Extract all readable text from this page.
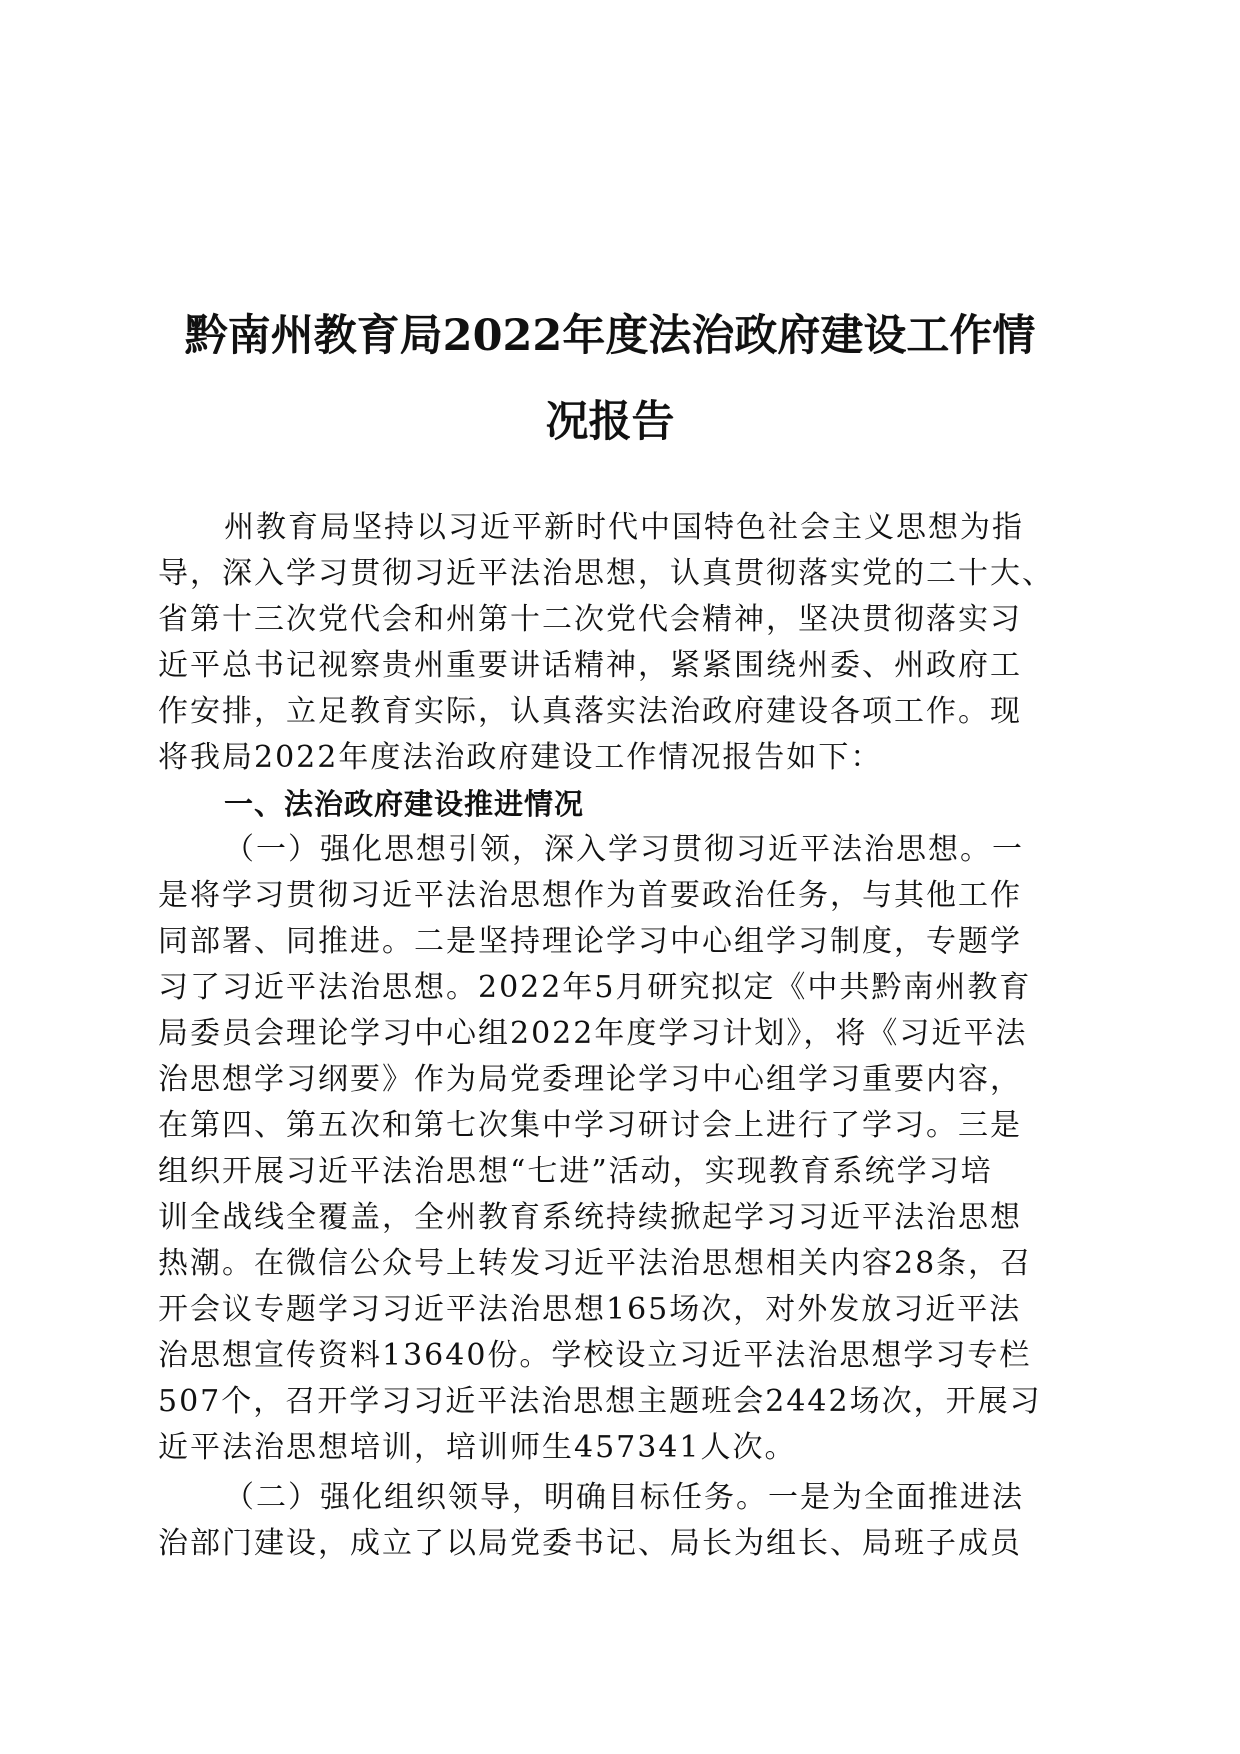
黔南州教育局2022年度法治政府建设工作情
况报告

州教育局坚持以习近平新时代中国特色社会主义思想为指

导，深入学习贯彻习近平法治思想，认真贯彻落实党的二十大、

省第十三次党代会和州第十二次党代会精神，坚决贯彻落实习

近平总书记视察贵州重要讲话精神，紧紧围绕州委、州政府工

作安排，立足教育实际，认真落实法治政府建设各项工作。现

将我局2022年度法治政府建设工作情况报告如下：

一、法治政府建设推进情况

（一）强化思想引领，深入学习贯彻习近平法治思想。一

是将学习贯彻习近平法治思想作为首要政治任务，与其他工作

同部署、同推进。二是坚持理论学习中心组学习制度，专题学

习了习近平法治思想。2022年5月研究拟定《中共黔南州教育

局委员会理论学习中心组2022年度学习计划》，将《习近平法

治思想学习纲要》作为局党委理论学习中心组学习重要内容，

在第四、第五次和第七次集中学习研讨会上进行了学习。三是

组织开展习近平法治思想“七进”活动，实现教育系统学习培

训全战线全覆盖，全州教育系统持续掀起学习习近平法治思想

热潮。在微信公众号上转发习近平法治思想相关内容28条，召

开会议专题学习习近平法治思想165场次，对外发放习近平法

治思想宣传资料13640份。学校设立习近平法治思想学习专栏

507个，召开学习习近平法治思想主题班会2442场次，开展习

近平法治思想培训，培训师生457341人次。

（二）强化组织领导，明确目标任务。一是为全面推进法

治部门建设，成立了以局党委书记、局长为组长、局班子成员
